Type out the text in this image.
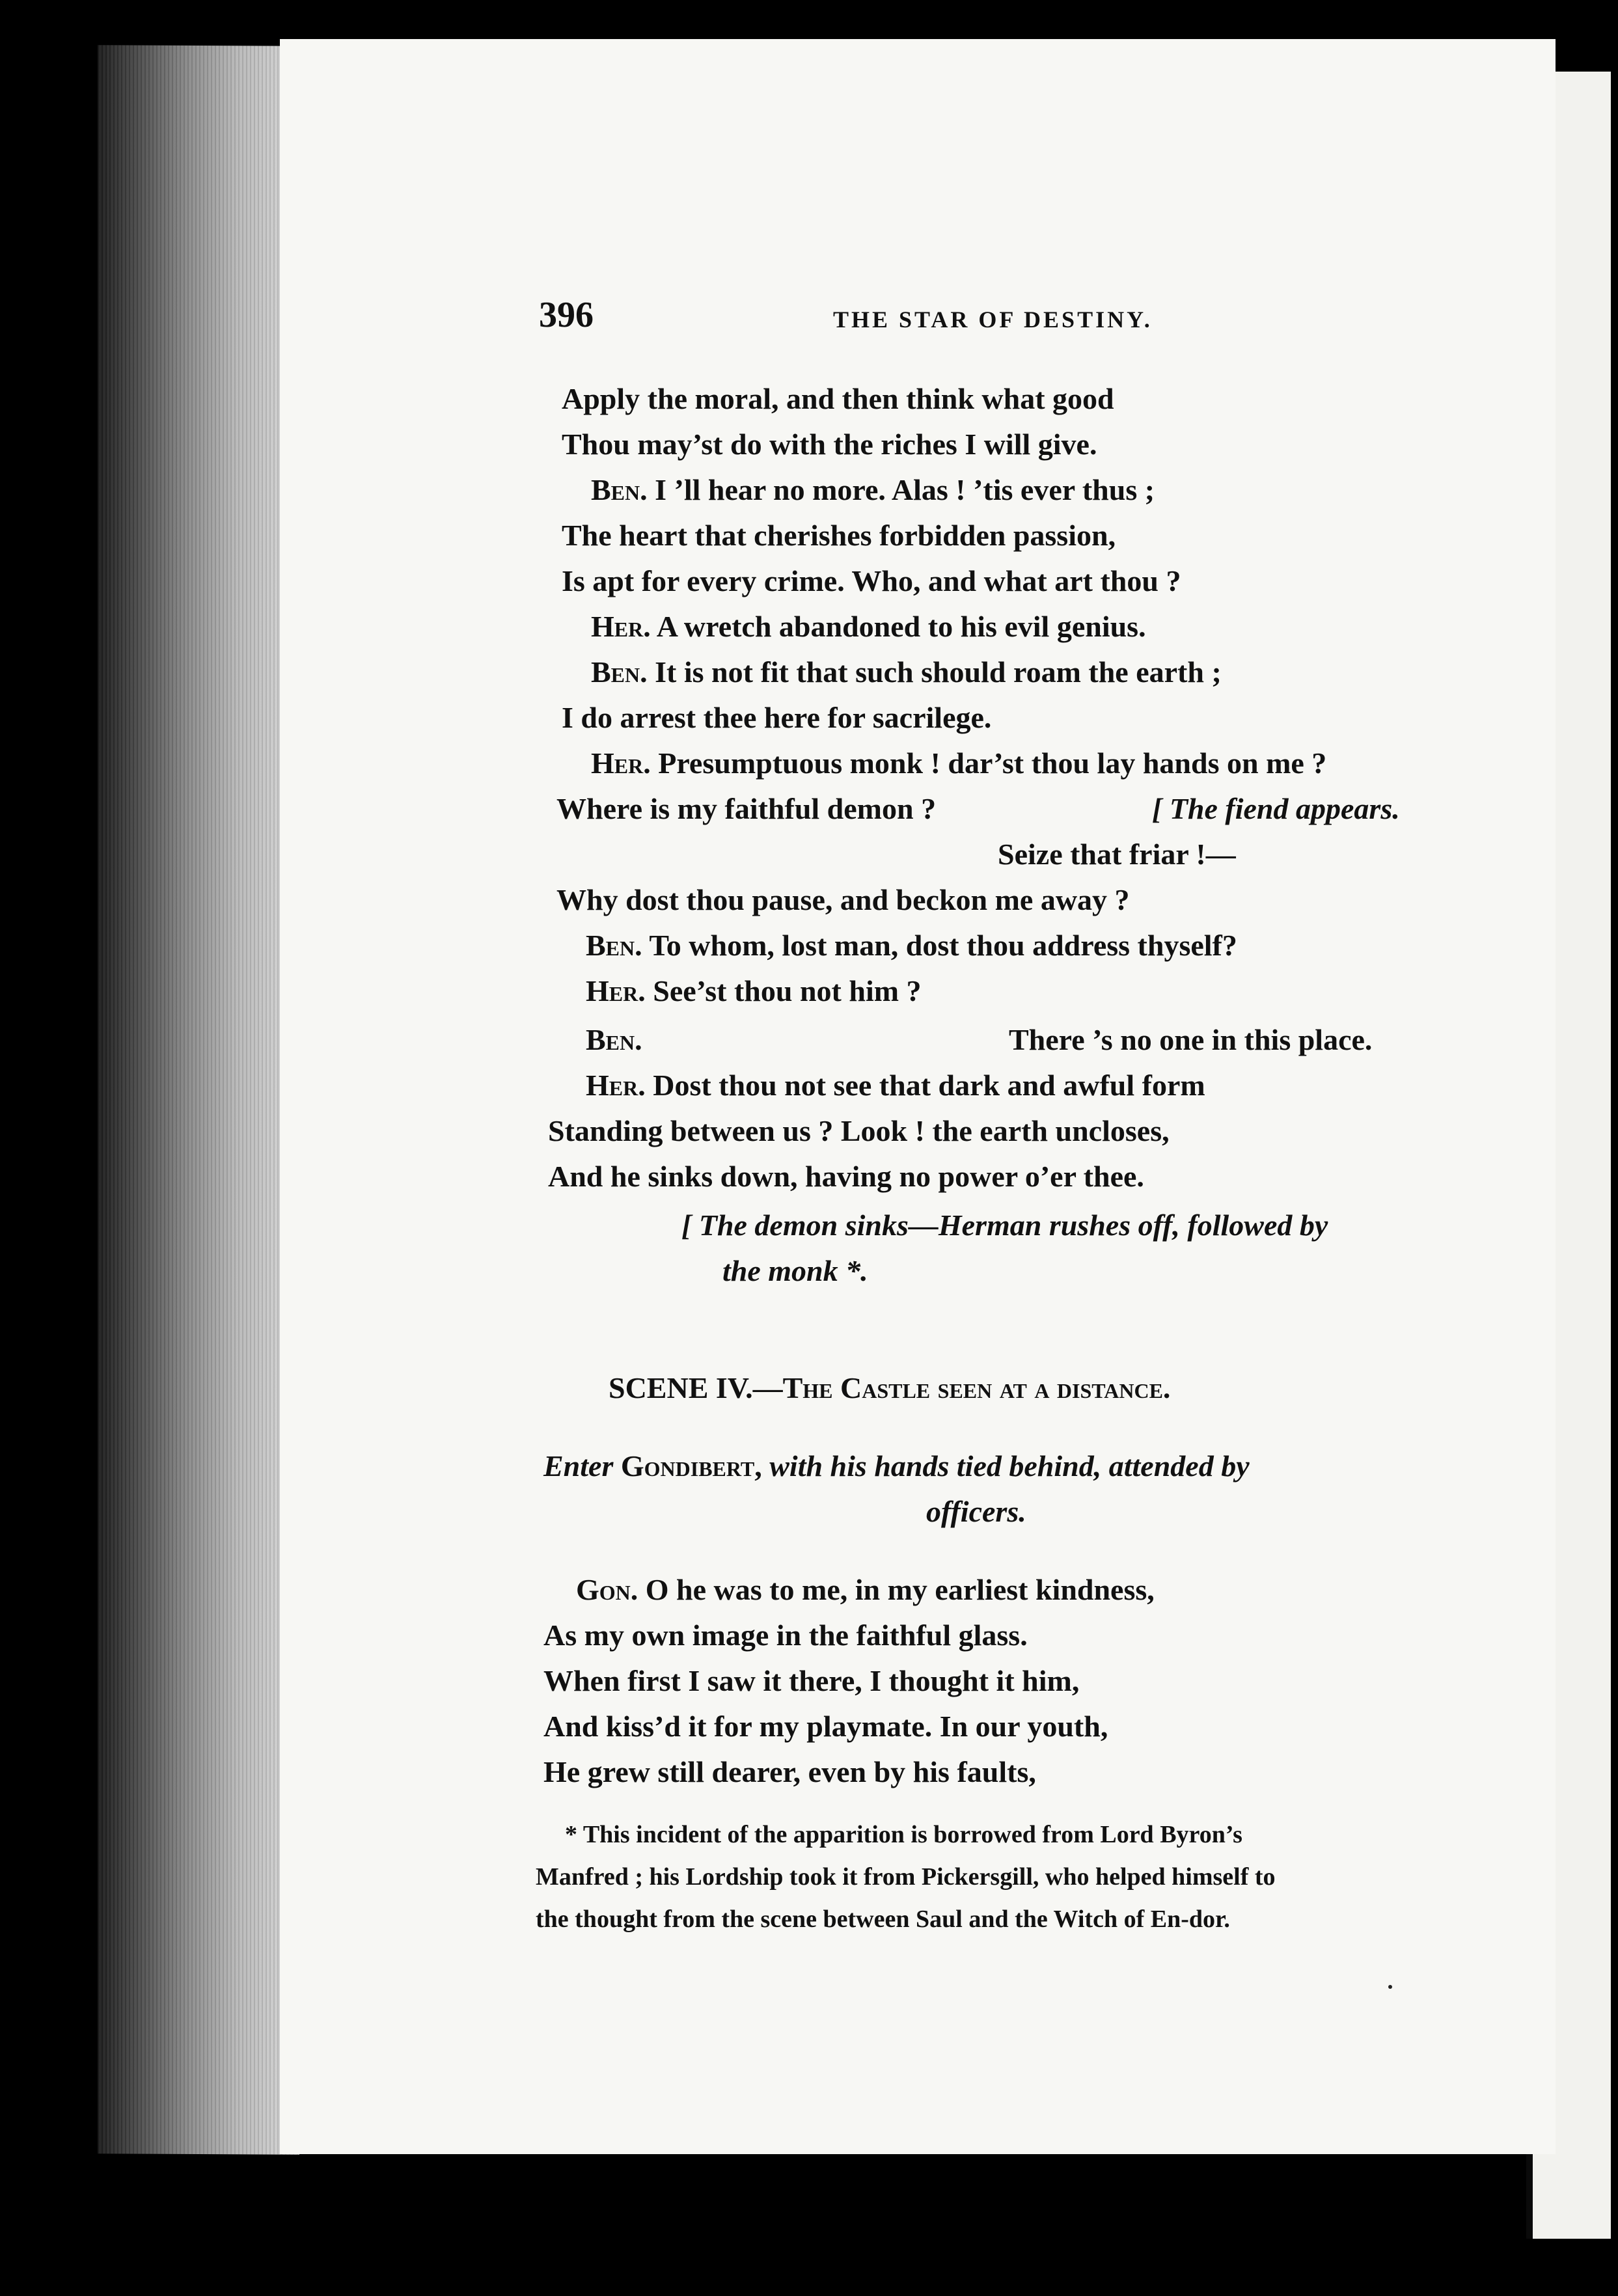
396	THE STAR OF DESTINY.
Apply the moral, and then think what good
Thou may’st do with the riches I will give.
Ben. I ’ll hear no more. Alas ! ’tis ever thus ;
The heart that cherishes forbidden passion,
Is apt for every crime. Who, and what art thou ?
Her. A wretch abandoned to his evil genius.
Ben. It is not fit that such should roam the earth ;
I do arrest thee here for sacrilege.
Her. Presumptuous monk ! dar’st thou lay hands on me ?
Where is my faithful demon ?	[ The fiend appears.
Seize that friar !—
Why dost thou pause, and beckon me away ?
Ben. To whom, lost man, dost thou address thyself?
Her. See’st thou not him ?
Ben.	There ’s no one in this place.
Her. Dost thou not see that dark and awful form
Standing between us ? Look ! the earth uncloses,
And he sinks down, having no power o’er thee.
[ The demon sinks—Herman rushes off, followed by
the monk *.
SCENE IV.—The Castle seen at a distance.
Enter Gondibert, with his hands tied behind, attended by
officers.
Gon. O he was to me, in my earliest kindness,
As my own image in the faithful glass.
When first I saw it there, I thought it him,
And kiss’d it for my playmate. In our youth,
He grew still dearer, even by his faults,
* This incident of the apparition is borrowed from Lord Byron’s
Manfred ; his Lordship took it from Pickersgill, who helped himself to
the thought from the scene between Saul and the Witch of En-dor.
